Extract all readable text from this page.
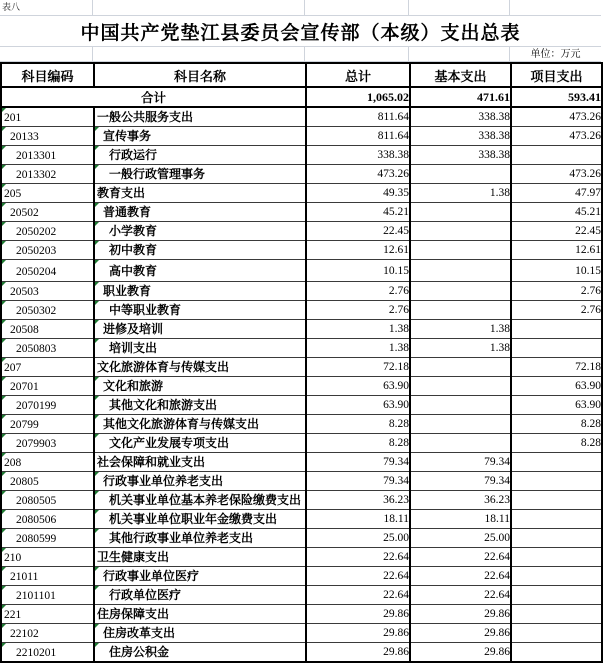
表八
中国共产党垫江县委员会宣传部（本级）支出总表
单位：万元
科目编码	科目名称	总计	基本支出	项目支出
合计		1,065.02	471.61	593.41
201	一般公共服务支出	811.64	338.38	473.26
20133	宣传事务	811.64	338.38	473.26
2013301	行政运行	338.38	338.38	
2013302	一般行政管理事务	473.26		473.26
205	教育支出	49.35	1.38	47.97
20502	普通教育	45.21		45.21
2050202	小学教育	22.45		22.45
2050203	初中教育	12.61		12.61
2050204	高中教育	10.15		10.15
20503	职业教育	2.76		2.76
2050302	中等职业教育	2.76		2.76
20508	进修及培训	1.38	1.38	
2050803	培训支出	1.38	1.38	
207	文化旅游体育与传媒支出	72.18		72.18
20701	文化和旅游	63.90		63.90
2070199	其他文化和旅游支出	63.90		63.90
20799	其他文化旅游体育与传媒支出	8.28		8.28
2079903	文化产业发展专项支出	8.28		8.28
208	社会保障和就业支出	79.34	79.34	
20805	行政事业单位养老支出	79.34	79.34	
2080505	机关事业单位基本养老保险缴费支出	36.23	36.23	
2080506	机关事业单位职业年金缴费支出	18.11	18.11	
2080599	其他行政事业单位养老支出	25.00	25.00	
210	卫生健康支出	22.64	22.64	
21011	行政事业单位医疗	22.64	22.64	
2101101	行政单位医疗	22.64	22.64	
221	住房保障支出	29.86	29.86	
22102	住房改革支出	29.86	29.86	
2210201	住房公积金	29.86	29.86	
